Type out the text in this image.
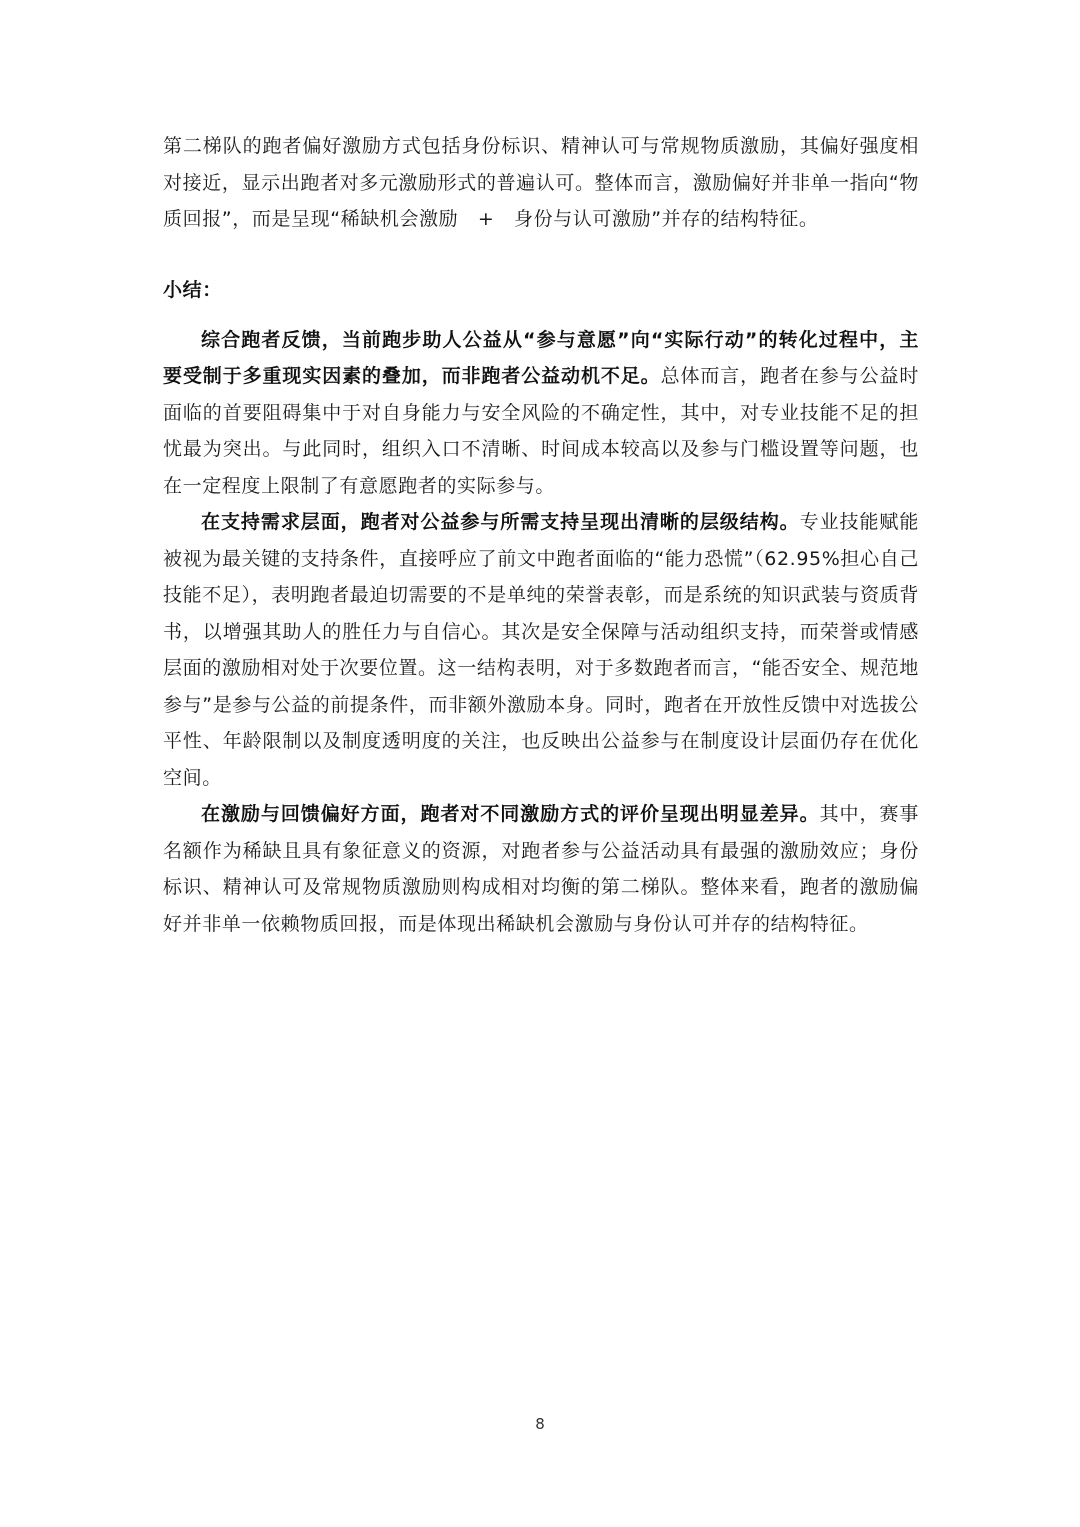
第二梯队的跑者偏好激励方式包括身份标识、精神认可与常规物质激励，其偏好强度相对接近，显示出跑者对多元激励形式的普遍认可。整体而言，激励偏好并非单一指向“物质回报”，而是呈现“稀缺机会激励　+　身份与认可激励”并存的结构特征。

小结：

综合跑者反馈，当前跑步助人公益从“参与意愿”向“实际行动”的转化过程中，主要受制于多重现实因素的叠加，而非跑者公益动机不足。总体而言，跑者在参与公益时面临的首要阻碍集中于对自身能力与安全风险的不确定性，其中，对专业技能不足的担忧最为突出。与此同时，组织入口不清晰、时间成本较高以及参与门槛设置等问题，也在一定程度上限制了有意愿跑者的实际参与。

在支持需求层面，跑者对公益参与所需支持呈现出清晰的层级结构。专业技能赋能被视为最关键的支持条件，直接呼应了前文中跑者面临的“能力恐慌”（62.95%担心自己技能不足），表明跑者最迫切需要的不是单纯的荣誉表彰，而是系统的知识武装与资质背书，以增强其助人的胜任力与自信心。其次是安全保障与活动组织支持，而荣誉或情感层面的激励相对处于次要位置。这一结构表明，对于多数跑者而言，“能否安全、规范地参与”是参与公益的前提条件，而非额外激励本身。同时，跑者在开放性反馈中对选拔公平性、年龄限制以及制度透明度的关注，也反映出公益参与在制度设计层面仍存在优化空间。

在激励与回馈偏好方面，跑者对不同激励方式的评价呈现出明显差异。其中，赛事名额作为稀缺且具有象征意义的资源，对跑者参与公益活动具有最强的激励效应；身份标识、精神认可及常规物质激励则构成相对均衡的第二梯队。整体来看，跑者的激励偏好并非单一依赖物质回报，而是体现出稀缺机会激励与身份认可并存的结构特征。

8
